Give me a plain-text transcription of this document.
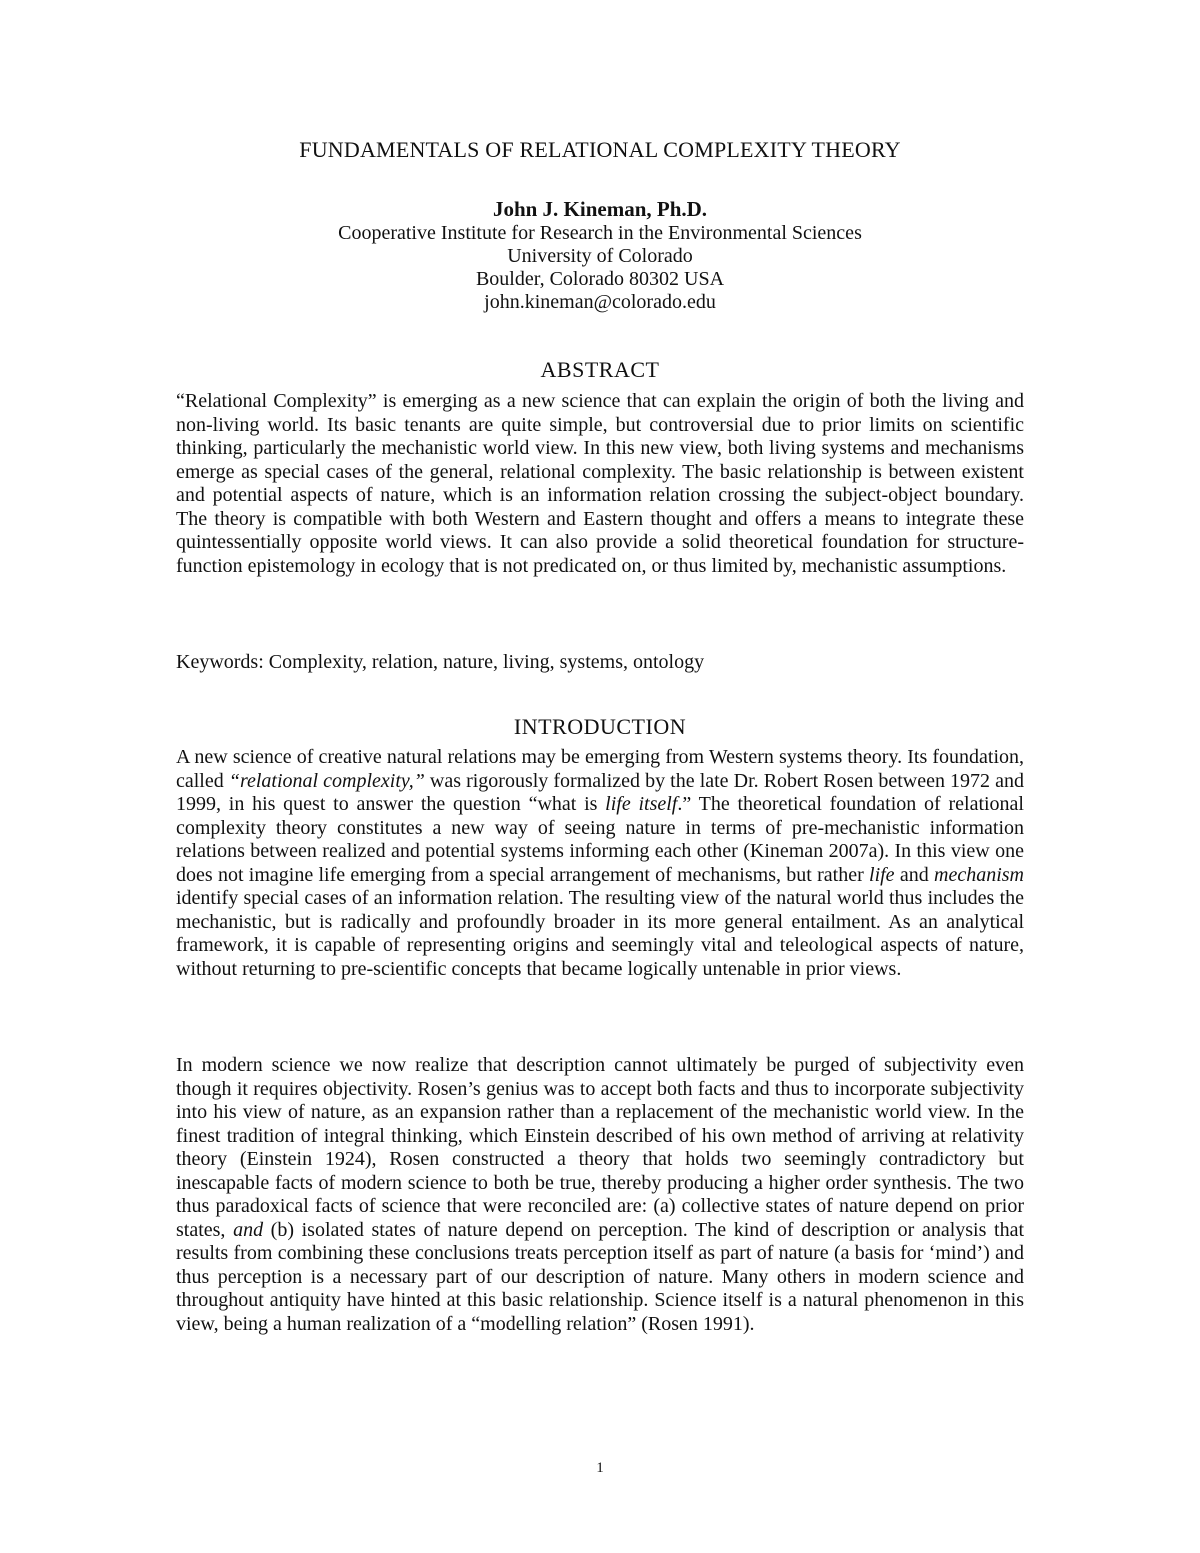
FUNDAMENTALS OF RELATIONAL COMPLEXITY THEORY
John J. Kineman, Ph.D.
Cooperative Institute for Research in the Environmental Sciences
University of Colorado
Boulder, Colorado 80302 USA
john.kineman@colorado.edu
ABSTRACT

“Relational Complexity” is emerging as a new science that can explain the origin of both the living and non-living world. Its basic tenants are quite simple, but controversial due to prior limits on scientific thinking, particularly the mechanistic world view. In this new view, both living systems and mechanisms emerge as special cases of the general, relational complexity. The basic relationship is between existent and potential aspects of nature, which is an information relation crossing the subject-object boundary. The theory is compatible with both Western and Eastern thought and offers a means to integrate these quintessentially opposite world views. It can also provide a solid theoretical foundation for structure-function epistemology in ecology that is not predicated on, or thus limited by, mechanistic assumptions.

Keywords: Complexity, relation, nature, living, systems, ontology
INTRODUCTION

A new science of creative natural relations may be emerging from Western systems theory. Its foundation, called “relational complexity,” was rigorously formalized by the late Dr. Robert Rosen between 1972 and 1999, in his quest to answer the question “what is life itself.” The theoretical foundation of relational complexity theory constitutes a new way of seeing nature in terms of pre-mechanistic information relations between realized and potential systems informing each other (Kineman 2007a). In this view one does not imagine life emerging from a special arrangement of mechanisms, but rather life and mechanism identify special cases of an information relation. The resulting view of the natural world thus includes the mechanistic, but is radically and profoundly broader in its more general entailment. As an analytical framework, it is capable of representing origins and seemingly vital and teleological aspects of nature, without returning to pre-scientific concepts that became logically untenable in prior views.

In modern science we now realize that description cannot ultimately be purged of subjectivity even though it requires objectivity. Rosen’s genius was to accept both facts and thus to incorporate subjectivity into his view of nature, as an expansion rather than a replacement of the mechanistic world view. In the finest tradition of integral thinking, which Einstein described of his own method of arriving at relativity theory (Einstein 1924), Rosen constructed a theory that holds two seemingly contradictory but inescapable facts of modern science to both be true, thereby producing a higher order synthesis. The two thus paradoxical facts of science that were reconciled are: (a) collective states of nature depend on prior states, and (b) isolated states of nature depend on perception. The kind of description or analysis that results from combining these conclusions treats perception itself as part of nature (a basis for ‘mind’) and thus perception is a necessary part of our description of nature. Many others in modern science and throughout antiquity have hinted at this basic relationship. Science itself is a natural phenomenon in this view, being a human realization of a “modelling relation” (Rosen 1991).

1
